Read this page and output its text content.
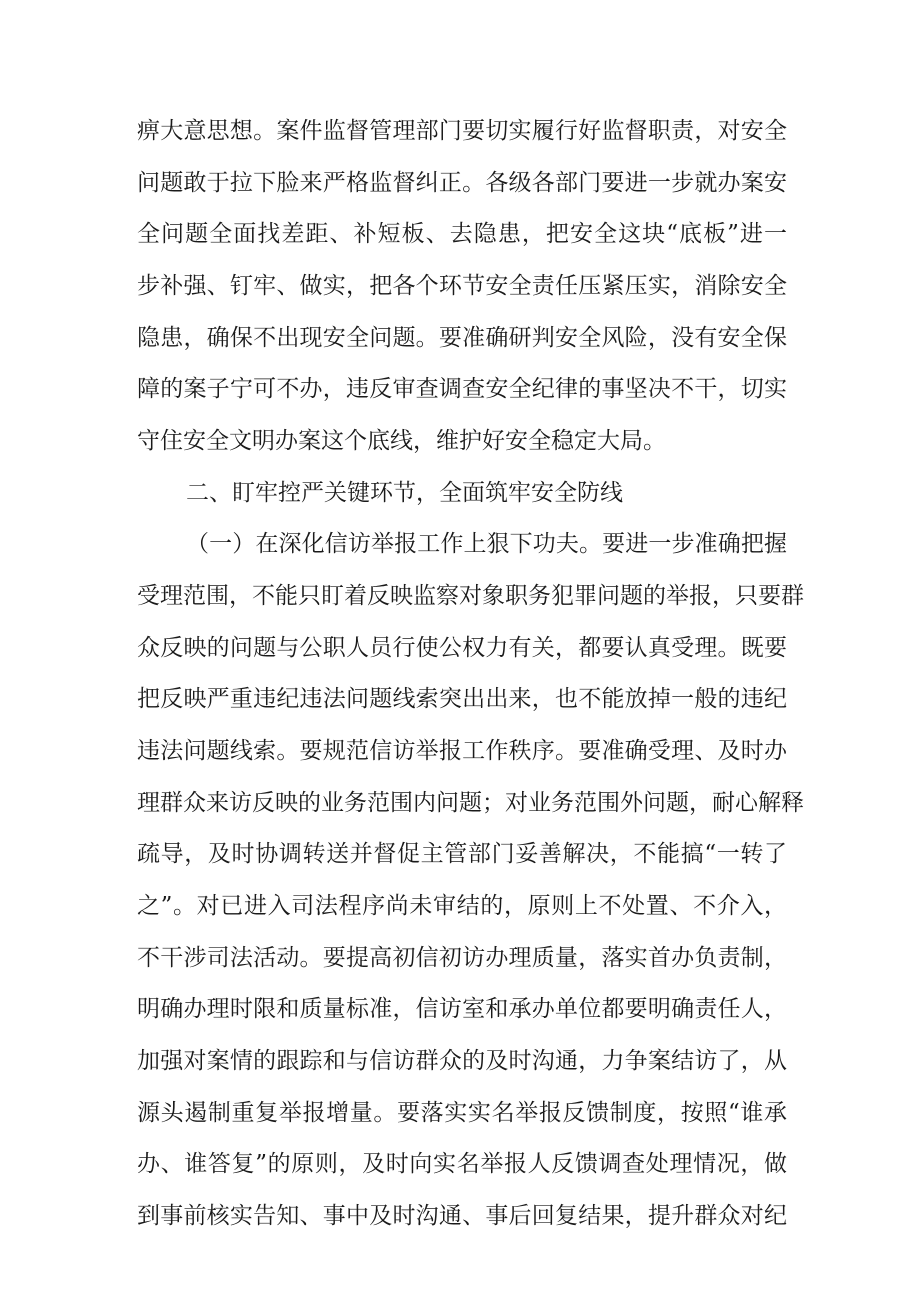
痹大意思想。案件监督管理部门要切实履行好监督职责，对安全
问题敢于拉下脸来严格监督纠正。各级各部门要进一步就办案安
全问题全面找差距、补短板、去隐患，把安全这块“底板”进一
步补强、钉牢、做实，把各个环节安全责任压紧压实，消除安全
隐患，确保不出现安全问题。要准确研判安全风险，没有安全保
障的案子宁可不办，违反审查调查安全纪律的事坚决不干，切实
守住安全文明办案这个底线，维护好安全稳定大局。
二、盯牢控严关键环节，全面筑牢安全防线
（一）在深化信访举报工作上狠下功夫。要进一步准确把握
受理范围，不能只盯着反映监察对象职务犯罪问题的举报，只要群
众反映的问题与公职人员行使公权力有关，都要认真受理。既要
把反映严重违纪违法问题线索突出出来，也不能放掉一般的违纪
违法问题线索。要规范信访举报工作秩序。要准确受理、及时办
理群众来访反映的业务范围内问题；对业务范围外问题，耐心解释
疏导，及时协调转送并督促主管部门妥善解决，不能搞“一转了
之”。对已进入司法程序尚未审结的，原则上不处置、不介入，
不干涉司法活动。要提高初信初访办理质量，落实首办负责制，
明确办理时限和质量标准，信访室和承办单位都要明确责任人，
加强对案情的跟踪和与信访群众的及时沟通，力争案结访了，从
源头遏制重复举报增量。要落实实名举报反馈制度，按照“谁承
办、谁答复”的原则，及时向实名举报人反馈调查处理情况，做
到事前核实告知、事中及时沟通、事后回复结果，提升群众对纪
